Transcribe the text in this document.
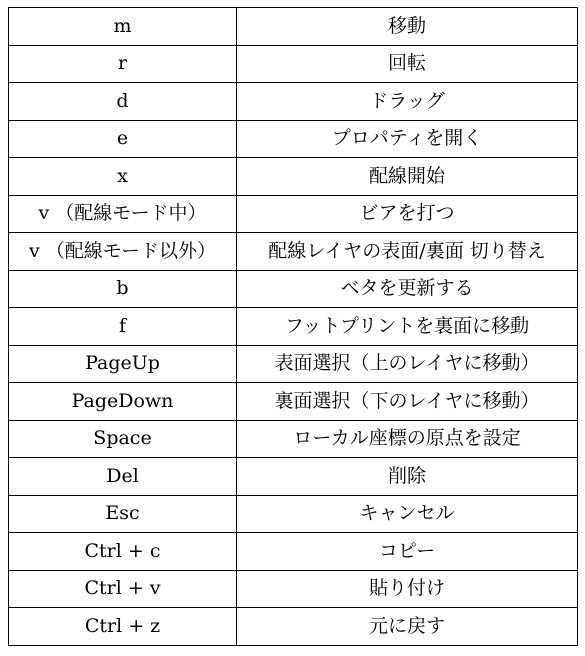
m	移動
r	回転
d	ドラッグ
e	プロパティを開く
x	配線開始
v （配線モード中）	ビアを打つ
v （配線モード以外）	配線レイヤの表面/裏面 切り替え
b	ベタを更新する
f	フットプリントを裏面に移動
PageUp	表面選択（上のレイヤに移動）
PageDown	裏面選択（下のレイヤに移動）
Space	ローカル座標の原点を設定
Del	削除
Esc	キャンセル
Ctrl + c	コピー
Ctrl + v	貼り付け
Ctrl + z	元に戻す
